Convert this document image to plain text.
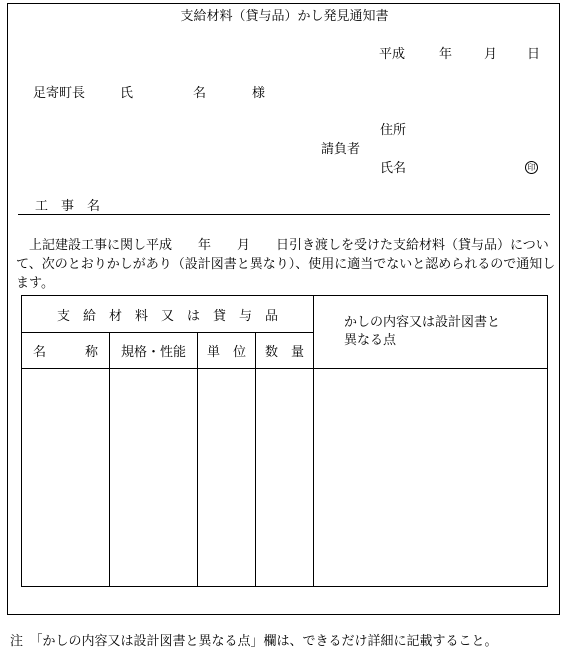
支給材料（貸与品）かし発見通知書
平成	年 月 日
足寄町長	氏	名	様
住所
請負者
氏名	印
工　事　名
上記建設工事に関し平成　　年　　月　　日引き渡しを受けた支給材料（貸与品）について、次のとおりかしがあり（設計図書と異なり）、使用に適当でないと認められるので通知します。
支　給　材　料　又　は　貸　与　品				かしの内容又は設計図書と異なる点
名　　　称	規格・性能	単　位	数　量	

注　「かしの内容又は設計図書と異なる点」欄は、できるだけ詳細に記載すること。
